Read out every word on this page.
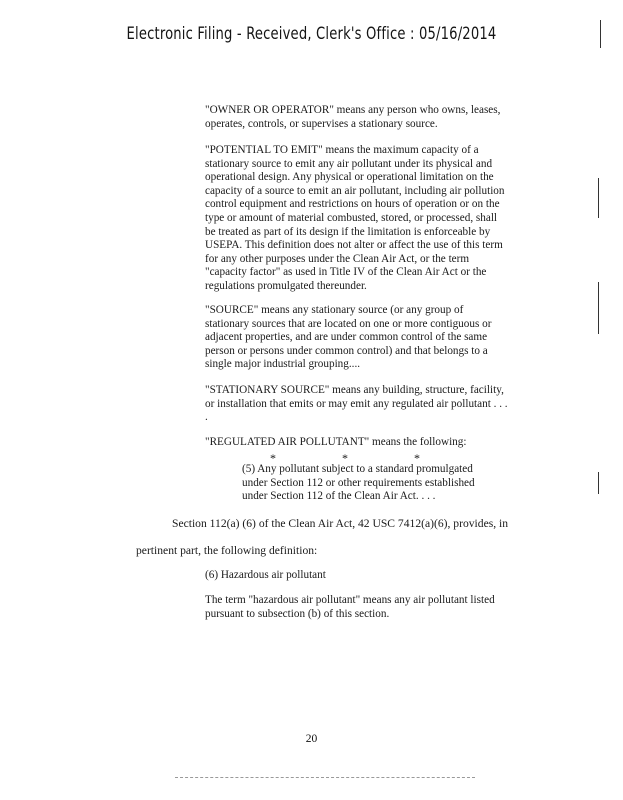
Electronic Filing - Received, Clerk's Office : 05/16/2014
"OWNER OR OPERATOR" means any person who owns, leases, operates, controls, or supervises a stationary source.
"POTENTIAL TO EMIT" means the maximum capacity of a stationary source to emit any air pollutant under its physical and operational design. Any physical or operational limitation on the capacity of a source to emit an air pollutant, including air pollution control equipment and restrictions on hours of operation or on the type or amount of material combusted, stored, or processed, shall be treated as part of its design if the limitation is enforceable by USEPA. This definition does not alter or affect the use of this term for any other purposes under the Clean Air Act, or the term "capacity factor" as used in Title IV of the Clean Air Act or the regulations promulgated thereunder.
"SOURCE" means any stationary source (or any group of stationary sources that are located on one or more contiguous or adjacent properties, and are under common control of the same person or persons under common control) and that belongs to a single major industrial grouping....
"STATIONARY SOURCE" means any building, structure, facility, or installation that emits or may emit any regulated air pollutant . . . .
"REGULATED AIR POLLUTANT" means the following:
*	*	*
(5) Any pollutant subject to a standard promulgated under Section 112 or other requirements established under Section 112 of the Clean Air Act. . . .
Section 112(a) (6) of the Clean Air Act, 42 USC 7412(a)(6), provides, in
pertinent part, the following definition:
(6) Hazardous air pollutant
The term "hazardous air pollutant" means any air pollutant listed pursuant to subsection (b) of this section.
20
